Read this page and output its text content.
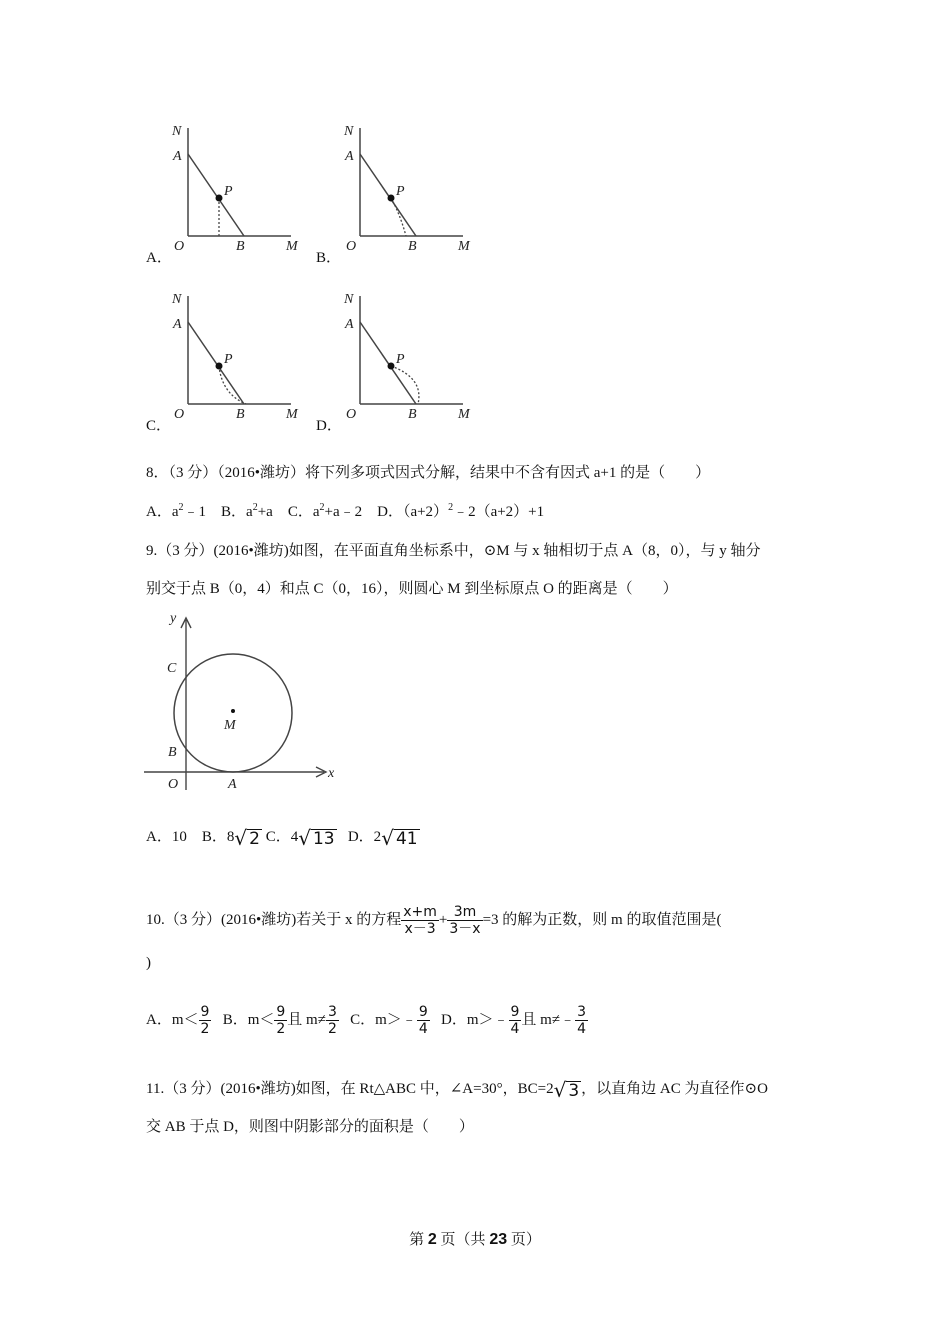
A．
N
A
P
O	B	M
B．
N
A
P
O	B	M
C．
N
A
P
O	B	M
D．
N
A
P
O	B	M
8．（3 分）（2016•潍坊）将下列多项式因式分解，结果中不含有因式 a+1 的是（　　）
A．$a^2﹣1$ B．$a^2+a$ C．$a^2+a﹣2$ D．$(a+2)^2﹣2(a+2)+1$
9.（3 分）(2016•潍坊)如图，在平面直角坐标系中，⊙M 与 x 轴相切于点 A（8，0），与 y 轴分
别交于点 B（0，4）和点 C（0，16），则圆心 M 到坐标原点 O 的距离是（　　）
y
x
C
M
B
O	A
A．10 B．8 √ 2 C．4 √ 13 D．2 √ 41
10.（3 分）(2016•潍坊)若关于 x 的方程 $\frac{x+m}{x-3} + \frac{3m}{3-x} =3$ 的解为正数，则 m 的取值范围是(
)
A．$m< \frac{9}{2}$ B．$m< \frac{9}{2}$ 且 $m\ne \frac{3}{2}$ C．m＞﹣ $\frac{9}{4}$ D．m＞﹣ $\frac{9}{4}$ 且 m≠﹣ $\frac{3}{4}$
11.（3 分）(2016•潍坊)如图，在 Rt△ABC 中，∠A=30°，BC=2 √ 3 ，以直角边 AC 为直径作⊙O
交 AB 于点 D，则图中阴影部分的面积是（　　）
第 2 页（共 23 页）
